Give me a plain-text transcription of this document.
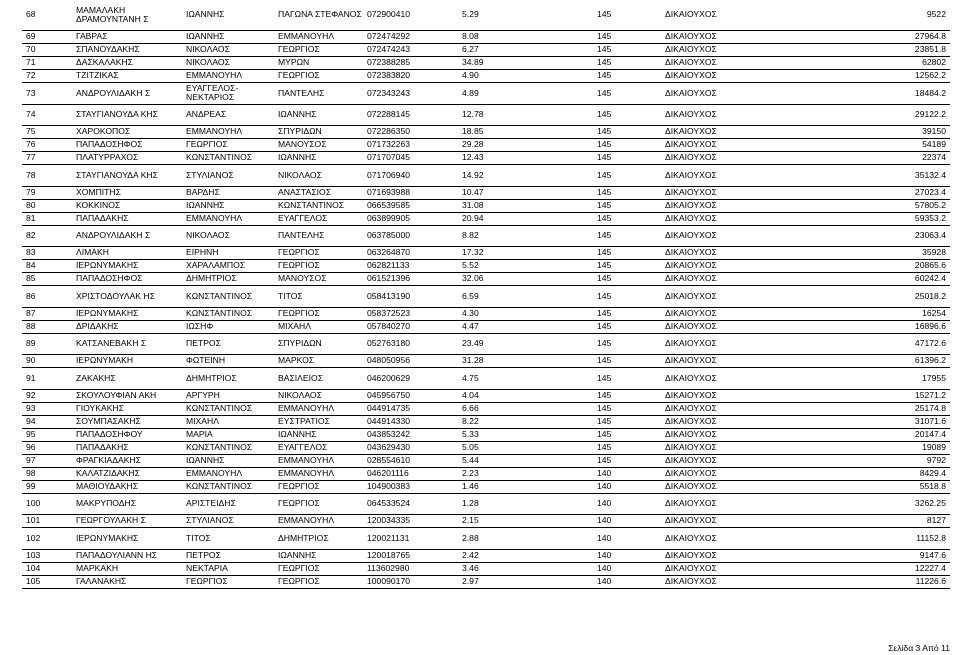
68	ΜΑΜΑΛΑΚΗ ΔΡΑΜΟΥΝΤΑΝΗ Σ	ΙΩΑΝΝΗΣ	ΠΑΓΩΝΑ ΣΤΕΦΑΝΟΣ	072900410	5.29	145	ΔΙΚΑΙΟΥΧΟΣ	9522
69	ΓΑΒΡΑΣ	ΙΩΑΝΝΗΣ	ΕΜΜΑΝΟΥΗΛ	072474292	8.08	145	ΔΙΚΑΙΟΥΧΟΣ	27964.8
70	ΣΠΑΝΟΥΔΑΚΗΣ	ΝΙΚΟΛΑΟΣ	ΓΕΩΡΓΙΟΣ	072474243	6.27	145	ΔΙΚΑΙΟΥΧΟΣ	23851.8
71	ΔΑΣΚΑΛΑΚΗΣ	ΝΙΚΟΛΑΟΣ	ΜΥΡΩΝ	072388285	34.89	145	ΔΙΚΑΙΟΥΧΟΣ	62802
72	ΤΖΙΤΖΙΚΑΣ	ΕΜΜΑΝΟΥΗΛ	ΓΕΩΡΓΙΟΣ	072383820	4.90	145	ΔΙΚΑΙΟΥΧΟΣ	12562.2
73	ΑΝΔΡΟΥΛΙΔΑΚΗ Σ	ΕΥΑΓΓΕΛΟΣ-ΝΕΚΤΑΡΙΟΣ	ΠΑΝΤΕΛΗΣ	072343243	4.89	145	ΔΙΚΑΙΟΥΧΟΣ	18484.2
74	ΣΤΑΥΓΙΑΝΟΥΔΑ ΚΗΣ	ΑΝΔΡΕΑΣ	ΙΩΑΝΝΗΣ	072288145	12.78	145	ΔΙΚΑΙΟΥΧΟΣ	29122.2
75	ΧΑΡΟΚΟΠΟΣ	ΕΜΜΑΝΟΥΗΛ	ΣΠΥΡΙΔΩΝ	072286350	18.85	145	ΔΙΚΑΙΟΥΧΟΣ	39150
76	ΠΑΠΑΔΟΣΗΦΟΣ	ΓΕΩΡΓΙΟΣ	ΜΑΝΟΥΣΟΣ	071732263	29.28	145	ΔΙΚΑΙΟΥΧΟΣ	54189
77	ΠΛΑΤΥΡΡΑΧΟΣ	ΚΩΝΣΤΑΝΤΙΝΟΣ	ΙΩΑΝΝΗΣ	071707045	12.43	145	ΔΙΚΑΙΟΥΧΟΣ	22374
78	ΣΤΑΥΓΙΑΝΟΥΔΑ ΚΗΣ	ΣΤΥΛΙΑΝΟΣ	ΝΙΚΟΛΑΟΣ	071706940	14.92	145	ΔΙΚΑΙΟΥΧΟΣ	35132.4
79	ΧΟΜΠΙΤΗΣ	ΒΑΡΔΗΣ	ΑΝΑΣΤΑΣΙΟΣ	071693988	10.47	145	ΔΙΚΑΙΟΥΧΟΣ	27023.4
80	ΚΟΚΚΙΝΟΣ	ΙΩΑΝΝΗΣ	ΚΩΝΣΤΑΝΤΙΝΟΣ	066539585	31.08	145	ΔΙΚΑΙΟΥΧΟΣ	57805.2
81	ΠΑΠΑΔΑΚΗΣ	ΕΜΜΑΝΟΥΗΛ	ΕΥΑΓΓΕΛΟΣ	063899905	20.94	145	ΔΙΚΑΙΟΥΧΟΣ	59353.2
82	ΑΝΔΡΟΥΛΙΔΑΚΗ Σ	ΝΙΚΟΛΑΟΣ	ΠΑΝΤΕΛΗΣ	063785000	8.82	145	ΔΙΚΑΙΟΥΧΟΣ	23063.4
83	ΛΙΜΑΚΗ	ΕΙΡΗΝΗ	ΓΕΩΡΓΙΟΣ	063264870	17.32	145	ΔΙΚΑΙΟΥΧΟΣ	35928
84	ΙΕΡΩΝΥΜΑΚΗΣ	ΧΑΡΑΛΑΜΠΟΣ	ΓΕΩΡΓΙΟΣ	062821133	5.52	145	ΔΙΚΑΙΟΥΧΟΣ	20865.6
85	ΠΑΠΑΔΟΣΗΦΟΣ	ΔΗΜΗΤΡΙΟΣ	ΜΑΝΟΥΣΟΣ	061521396	32.06	145	ΔΙΚΑΙΟΥΧΟΣ	60242.4
86	ΧΡΙΣΤΟΔΟΥΛΑΚ ΗΣ	ΚΩΝΣΤΑΝΤΙΝΟΣ	ΤΙΤΟΣ	058413190	6.59	145	ΔΙΚΑΙΟΥΧΟΣ	25018.2
87	ΙΕΡΩΝΥΜΑΚΗΣ	ΚΩΝΣΤΑΝΤΙΝΟΣ	ΓΕΩΡΓΙΟΣ	058372523	4.30	145	ΔΙΚΑΙΟΥΧΟΣ	16254
88	ΔΡΙΔΑΚΗΣ	ΙΩΣΗΦ	ΜΙΧΑΗΛ	057840270	4.47	145	ΔΙΚΑΙΟΥΧΟΣ	16896.6
89	ΚΑΤΣΑΝΕΒΑΚΗ Σ	ΠΕΤΡΟΣ	ΣΠΥΡΙΔΩΝ	052763180	23.49	145	ΔΙΚΑΙΟΥΧΟΣ	47172.6
90	ΙΕΡΩΝΥΜΑΚΗ	ΦΩΤΕΙΝΗ	ΜΑΡΚΟΣ	048050956	31.28	145	ΔΙΚΑΙΟΥΧΟΣ	61396.2
91	ΖΑΚΑΚΗΣ	ΔΗΜΗΤΡΙΟΣ	ΒΑΣΙΛΕΙΟΣ	046200629	4.75	145	ΔΙΚΑΙΟΥΧΟΣ	17955
92	ΣΚΟΥΛΟΥΦΙΑΝ ΑΚΗ	ΑΡΓΥΡΗ	ΝΙΚΟΛΑΟΣ	045956750	4.04	145	ΔΙΚΑΙΟΥΧΟΣ	15271.2
93	ΓΙΟΥΚΑΚΗΣ	ΚΩΝΣΤΑΝΤΙΝΟΣ	ΕΜΜΑΝΟΥΗΛ	044914735	6.66	145	ΔΙΚΑΙΟΥΧΟΣ	25174.8
94	ΣΟΥΜΠΑΣΑΚΗΣ	ΜΙΧΑΗΛ	ΕΥΣΤΡΑΤΙΟΣ	044914330	8.22	145	ΔΙΚΑΙΟΥΧΟΣ	31071.6
95	ΠΑΠΑΔΟΣΗΦΟΥ	ΜΑΡΙΑ	ΙΩΑΝΝΗΣ	043853242	5.33	145	ΔΙΚΑΙΟΥΧΟΣ	20147.4
96	ΠΑΠΑΔΑΚΗΣ	ΚΩΝΣΤΑΝΤΙΝΟΣ	ΕΥΑΓΓΕΛΟΣ	043629430	5.05	145	ΔΙΚΑΙΟΥΧΟΣ	19089
97	ΦΡΑΓΚΙΑΔΑΚΗΣ	ΙΩΑΝΝΗΣ	ΕΜΜΑΝΟΥΗΛ	028554610	5.44	145	ΔΙΚΑΙΟΥΧΟΣ	9792
98	ΚΑΛΑΤΖΙΔΑΚΗΣ	ΕΜΜΑΝΟΥΗΛ	ΕΜΜΑΝΟΥΗΛ	046201116	2.23	140	ΔΙΚΑΙΟΥΧΟΣ	8429.4
99	ΜΑΘΙΟΥΔΑΚΗΣ	ΚΩΝΣΤΑΝΤΙΝΟΣ	ΓΕΩΡΓΙΟΣ	104900383	1.46	140	ΔΙΚΑΙΟΥΧΟΣ	5518.8
100	ΜΑΚΡΥΠΟΔΗΣ	ΑΡΙΣΤΕΙΔΗΣ	ΓΕΩΡΓΙΟΣ	064533524	1.28	140	ΔΙΚΑΙΟΥΧΟΣ	3262.25
101	ΓΕΩΡΓΟΥΛΑΚΗ Σ	ΣΤΥΛΙΑΝΟΣ	ΕΜΜΑΝΟΥΗΛ	120034335	2.15	140	ΔΙΚΑΙΟΥΧΟΣ	8127
102	ΙΕΡΩΝΥΜΑΚΗΣ	ΤΙΤΟΣ	ΔΗΜΗΤΡΙΟΣ	120021131	2.88	140	ΔΙΚΑΙΟΥΧΟΣ	11152.8
103	ΠΑΠΑΔΟΥΛΙΑΝΝ ΗΣ	ΠΕΤΡΟΣ	ΙΩΑΝΝΗΣ	120018765	2.42	140	ΔΙΚΑΙΟΥΧΟΣ	9147.6
104	ΜΑΡΚΑΚΗ	ΝΕΚΤΑΡΙΑ	ΓΕΩΡΓΙΟΣ	113602980	3.46	140	ΔΙΚΑΙΟΥΧΟΣ	12227.4
105	ΓΑΛΑΝΑΚΗΣ	ΓΕΩΡΓΙΟΣ	ΓΕΩΡΓΙΟΣ	100090170	2.97	140	ΔΙΚΑΙΟΥΧΟΣ	11226.6
Σελίδα 3 Από 11
